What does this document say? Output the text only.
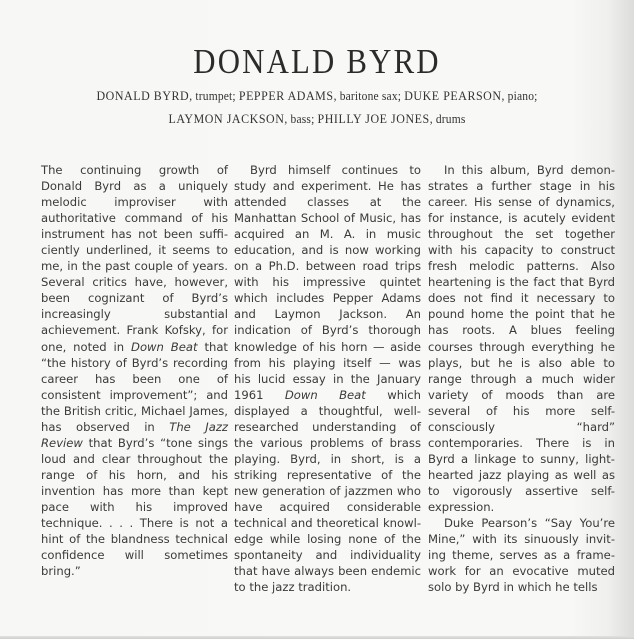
DONALD BYRD
DONALD BYRD, trumpet; PEPPER ADAMS, baritone sax; DUKE PEARSON, piano;
LAYMON JACKSON, bass; PHILLY JOE JONES, drums

The continuing growth of Donald Byrd as a uniquely melodic improviser with authoritative command of his instrument has not been sufficiently underlined, it seems to me, in the past couple of years. Several critics have, however, been cognizant of Byrd’s increasingly substantial achievement. Frank Kofsky, for one, noted in Down Beat that “the history of Byrd’s recording career has been one of consistent improvement”; and the British critic, Michael James, has observed in The Jazz Review that Byrd’s “tone sings loud and clear throughout the range of his horn, and his invention has more than kept pace with his improved technique. . . . There is not a hint of the blandness technical confidence will sometimes bring.”

Byrd himself continues to study and experiment. He has attended classes at the Manhattan School of Music, has acquired an M. A. in music education, and is now working on a Ph.D. between road trips with his impressive quintet which includes Pepper Adams and Laymon Jackson. An indication of Byrd’s thorough knowledge of his horn — aside from his playing itself — was his lucid essay in the January 1961 Down Beat which displayed a thoughtful, well-researched understanding of the various problems of brass playing. Byrd, in short, is a striking representative of the new generation of jazzmen who have acquired considerable technical and theoretical knowledge while losing none of the spontaneity and individuality that have always been endemic to the jazz tradition.

In this album, Byrd demonstrates a further stage in his career. His sense of dynamics, for instance, is acutely evident throughout the set together with his capacity to construct fresh melodic patterns. Also heartening is the fact that Byrd does not find it necessary to pound home the point that he has roots. A blues feeling courses through everything he plays, but he is also able to range through a much wider variety of moods than are several of his more self-consciously “hard” contemporaries. There is in Byrd a linkage to sunny, light-hearted jazz playing as well as to vigorously assertive self-expression.

Duke Pearson’s “Say You’re Mine,” with its sinuously inviting theme, serves as a framework for an evocative muted solo by Byrd in which he tells
